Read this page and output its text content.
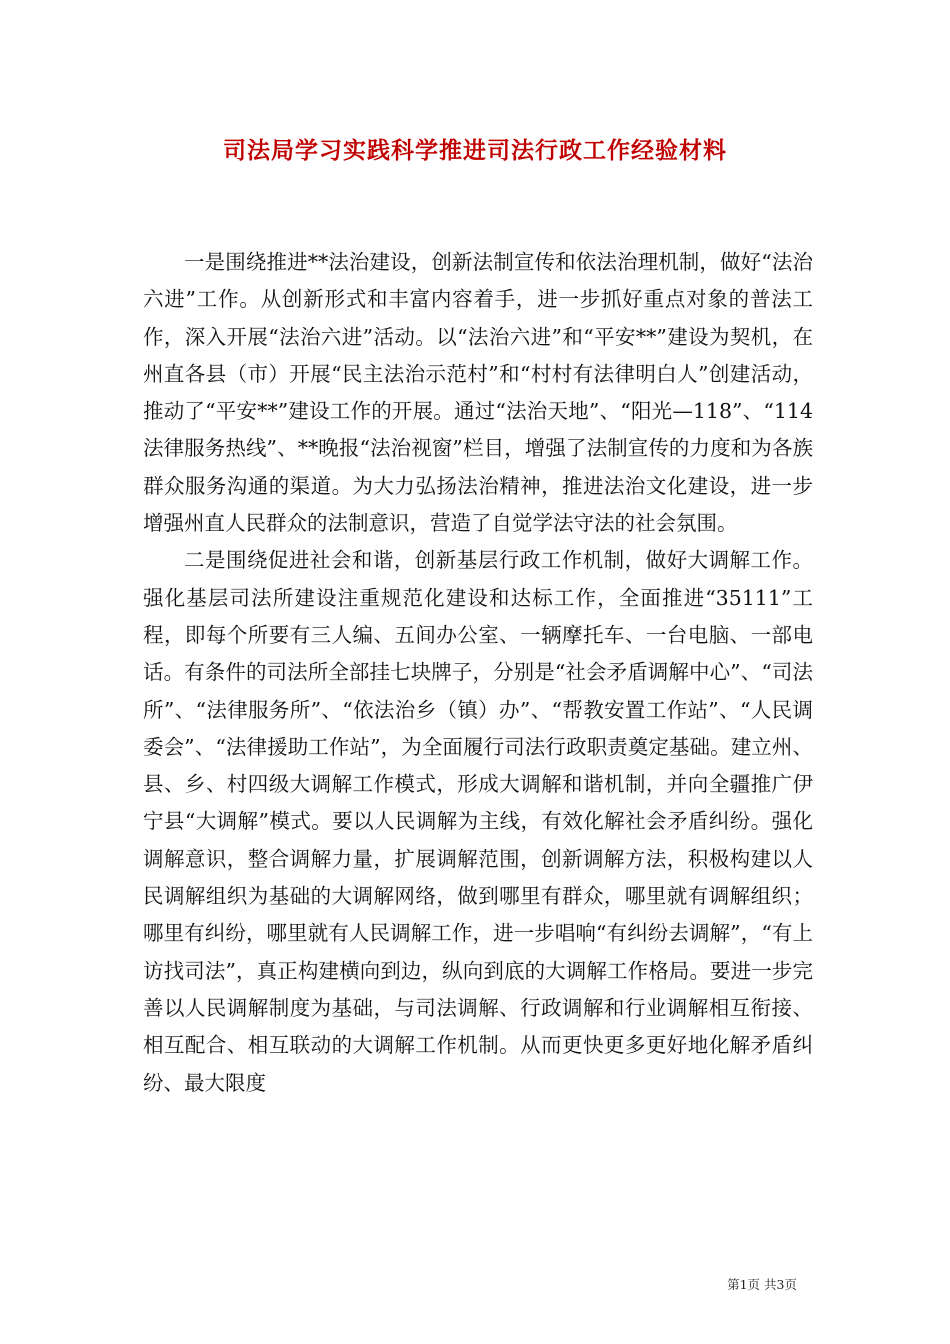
司法局学习实践科学推进司法行政工作经验材料

一是围绕推进**法治建设，创新法制宣传和依法治理机制，做好“法治六进”工作。从创新形式和丰富内容着手，进一步抓好重点对象的普法工作，深入开展“法治六进”活动。以“法治六进”和“平安**”建设为契机，在州直各县（市）开展“民主法治示范村”和“村村有法律明白人”创建活动，推动了“平安**”建设工作的开展。通过“法治天地”、“阳光—118”、“114法律服务热线”、**晚报“法治视窗”栏目，增强了法制宣传的力度和为各族群众服务沟通的渠道。为大力弘扬法治精神，推进法治文化建设，进一步增强州直人民群众的法制意识，营造了自觉学法守法的社会氛围。

二是围绕促进社会和谐，创新基层行政工作机制，做好大调解工作。强化基层司法所建设注重规范化建设和达标工作，全面推进“35111”工程，即每个所要有三人编、五间办公室、一辆摩托车、一台电脑、一部电话。有条件的司法所全部挂七块牌子，分别是“社会矛盾调解中心”、“司法所”、“法律服务所”、“依法治乡（镇）办”、“帮教安置工作站”、“人民调委会”、“法律援助工作站”，为全面履行司法行政职责奠定基础。建立州、县、乡、村四级大调解工作模式，形成大调解和谐机制，并向全疆推广伊宁县“大调解”模式。要以人民调解为主线，有效化解社会矛盾纠纷。强化调解意识，整合调解力量，扩展调解范围，创新调解方法，积极构建以人民调解组织为基础的大调解网络，做到哪里有群众，哪里就有调解组织；哪里有纠纷，哪里就有人民调解工作，进一步唱响“有纠纷去调解”，“有上访找司法”，真正构建横向到边，纵向到底的大调解工作格局。要进一步完善以人民调解制度为基础，与司法调解、行政调解和行业调解相互衔接、相互配合、相互联动的大调解工作机制。从而更快更多更好地化解矛盾纠纷、最大限度

第1页 共3页
